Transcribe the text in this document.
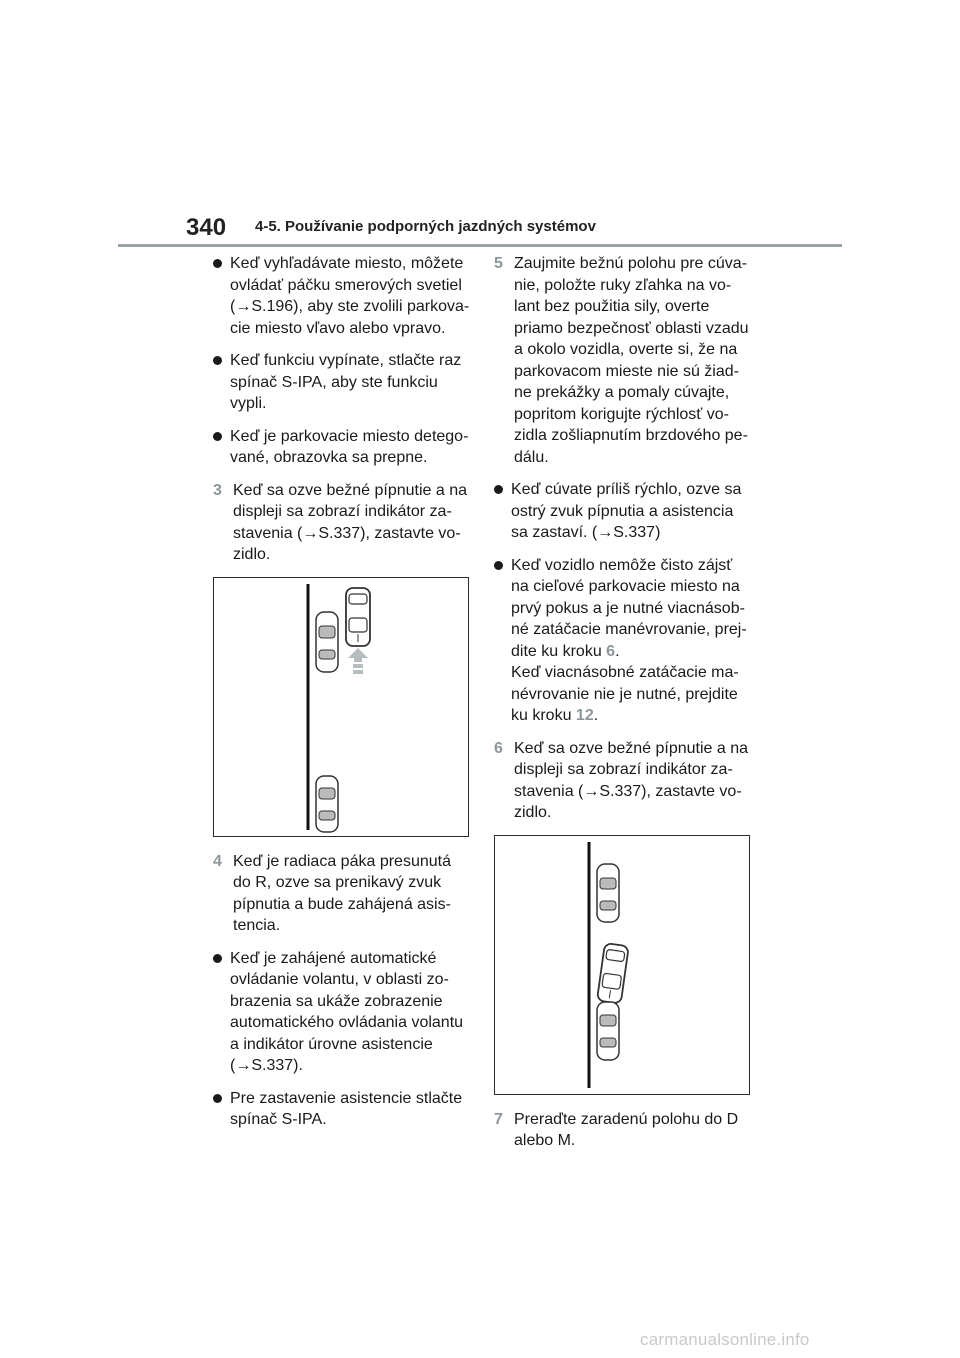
340 4-5. Používanie podporných jazdných systémov
Keď vyhľadávate miesto, môžete
ovládať páčku smerových svetiel
(→S.196), aby ste zvolili parkova-
cie miesto vľavo alebo vpravo.
Keď funkciu vypínate, stlačte raz
spínač S-IPA, aby ste funkciu
vypli.
Keď je parkovacie miesto detego-
vané, obrazovka sa prepne.
3 Keď sa ozve bežné pípnutie a na
displeji sa zobrazí indikátor za-
stavenia (→S.337), zastavte vo-
zidlo.
4 Keď je radiaca páka presunutá
do R, ozve sa prenikavý zvuk
pípnutia a bude zahájená asis-
tencia.
Keď je zahájené automatické
ovládanie volantu, v oblasti zo-
brazenia sa ukáže zobrazenie
automatického ovládania volantu
a indikátor úrovne asistencie
(→S.337).
Pre zastavenie asistencie stlačte
spínač S-IPA.
5 Zaujmite bežnú polohu pre cúva-
nie, položte ruky zľahka na vo-
lant bez použitia sily, overte
priamo bezpečnosť oblasti vzadu
a okolo vozidla, overte si, že na
parkovacom mieste nie sú žiad-
ne prekážky a pomaly cúvajte,
popritom korigujte rýchlosť vo-
zidla zošliapnutím brzdového pe-
dálu.
Keď cúvate príliš rýchlo, ozve sa
ostrý zvuk pípnutia a asistencia
sa zastaví. (→S.337)
Keď vozidlo nemôže čisto zájsť
na cieľové parkovacie miesto na
prvý pokus a je nutné viacnásob-
né zatáčacie manévrovanie, prej-
dite ku kroku 6.
Keď viacnásobné zatáčacie ma-
névrovanie nie je nutné, prejdite
ku kroku 12.
6 Keď sa ozve bežné pípnutie a na
displeji sa zobrazí indikátor za-
stavenia (→S.337), zastavte vo-
zidlo.
7 Preraďte zaradenú polohu do D
alebo M.
carmanualsonline.info
